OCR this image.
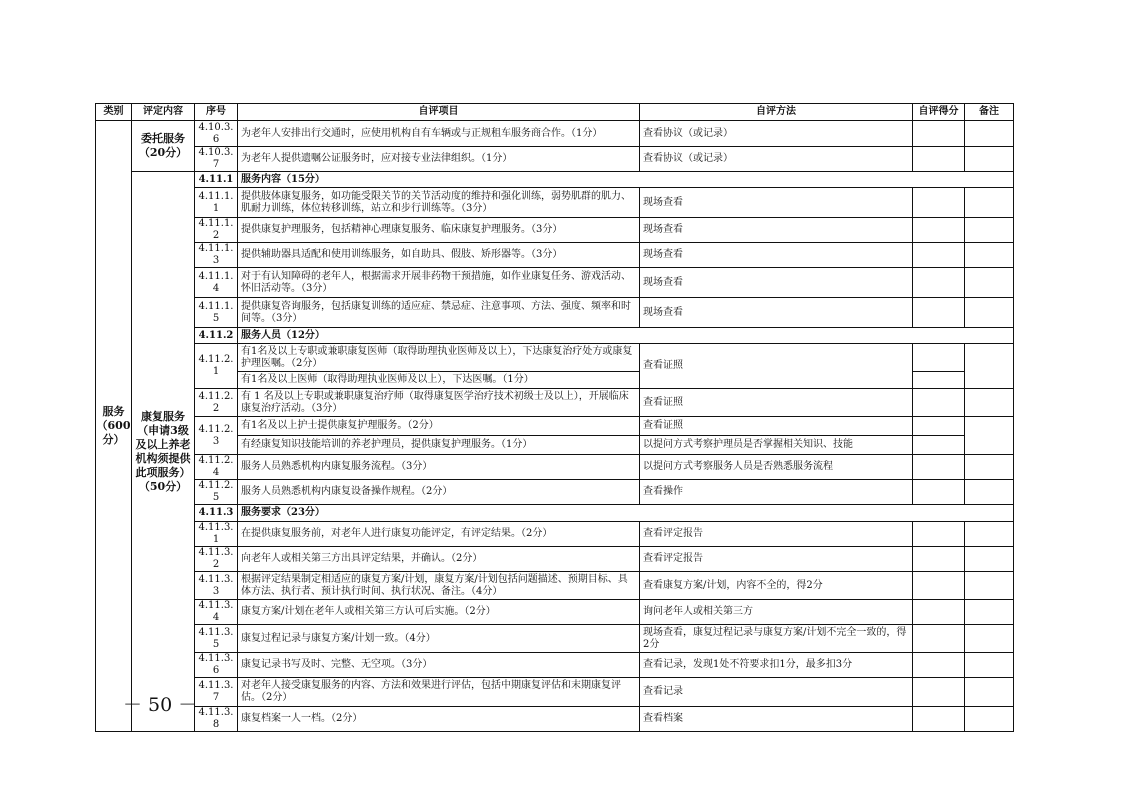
类别	评定内容	序号	自评项目	自评方法	自评得分	备注
服务（600分）	委托服务（20分）	4.10.3.6	为老年人安排出行交通时，应使用机构自有车辆或与正规租车服务商合作。（1分）	查看协议（或记录）		
		4.10.3.7	为老年人提供遗嘱公证服务时，应对接专业法律组织。（1分）	查看协议（或记录）		
	康复服务（申请3级及以上养老机构须提供此项服务）（50分）	4.11.1	服务内容（15分）			
		4.11.1.1	提供肢体康复服务，如功能受限关节的关节活动度的维持和强化训练，弱势肌群的肌力、肌耐力训练，体位转移训练，站立和步行训练等。（3分）	现场查看		
		4.11.1.2	提供康复护理服务，包括精神心理康复服务、临床康复护理服务。（3分）	现场查看		
		4.11.1.3	提供辅助器具适配和使用训练服务，如自助具、假肢、矫形器等。（3分）	现场查看		
		4.11.1.4	对于有认知障碍的老年人，根据需求开展非药物干预措施，如作业康复任务、游戏活动、怀旧活动等。（3分）	现场查看		
		4.11.1.5	提供康复咨询服务，包括康复训练的适应症、禁忌症、注意事项、方法、强度、频率和时间等。（3分）	现场查看		
		4.11.2	服务人员（12分）			
		4.11.2.1	有1名及以上专职或兼职康复医师（取得助理执业医师及以上），下达康复治疗处方或康复护理医嘱。（2分）	查看证照		
			有1名及以上医师（取得助理执业医师及以上），下达医嘱。（1分）			
		4.11.2.2	有 1 名及以上专职或兼职康复治疗师（取得康复医学治疗技术初级士及以上），开展临床康复治疗活动。（3分）	查看证照		
		4.11.2.3	有1名及以上护士提供康复护理服务。（2分）	查看证照		
			有经康复知识技能培训的养老护理员，提供康复护理服务。（1分）	以提问方式考察护理员是否掌握相关知识、技能		
		4.11.2.4	服务人员熟悉机构内康复服务流程。（3分）	以提问方式考察服务人员是否熟悉服务流程		
		4.11.2.5	服务人员熟悉机构内康复设备操作规程。（2分）	查看操作		
		4.11.3	服务要求（23分）			
		4.11.3.1	在提供康复服务前，对老年人进行康复功能评定，有评定结果。（2分）	查看评定报告		
		4.11.3.2	向老年人或相关第三方出具评定结果，并确认。（2分）	查看评定报告		
		4.11.3.3	根据评定结果制定相适应的康复方案/计划，康复方案/计划包括问题描述、预期目标、具体方法、执行者、预计执行时间、执行状况、备注。（4分）	查看康复方案/计划，内容不全的，得2分		
		4.11.3.4	康复方案/计划在老年人或相关第三方认可后实施。（2分）	询问老年人或相关第三方		
		4.11.3.5	康复过程记录与康复方案/计划一致。（4分）	现场查看，康复过程记录与康复方案/计划不完全一致的，得2分		
		4.11.3.6	康复记录书写及时、完整、无空项。（3分）	查看记录，发现1处不符要求扣1分，最多扣3分		
		4.11.3.7	对老年人接受康复服务的内容、方法和效果进行评估，包括中期康复评估和末期康复评估。（2分）	查看记录		
		4.11.3.8	康复档案一人一档。（2分）	查看档案		
－ 50 －
